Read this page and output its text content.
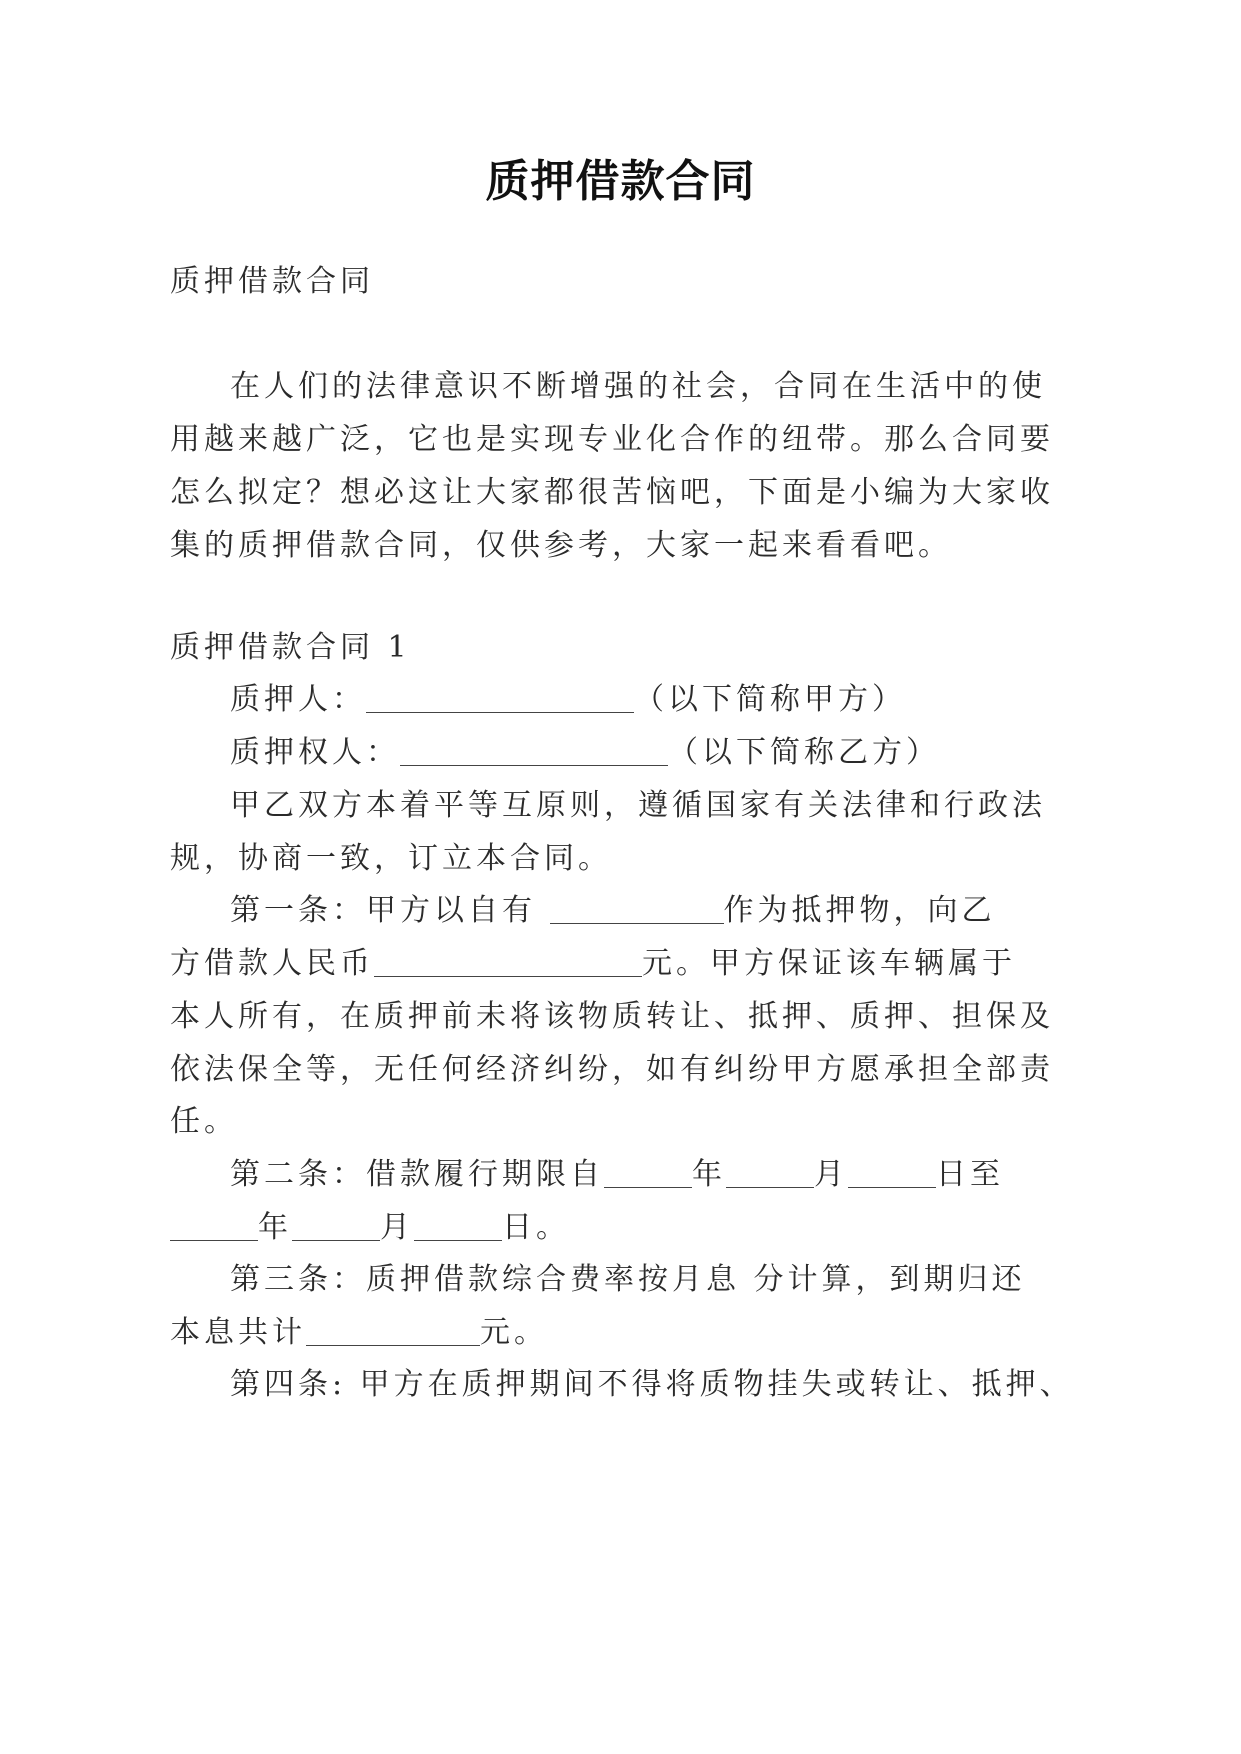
质押借款合同
质押借款合同
在人们的法律意识不断增强的社会，合同在生活中的使
用越来越广泛，它也是实现专业化合作的纽带。那么合同要
怎么拟定？想必这让大家都很苦恼吧，下面是小编为大家收
集的质押借款合同，仅供参考，大家一起来看看吧。
质押借款合同 1
质押人：	（以下简称甲方）
质押权人：	（以下简称乙方）
甲乙双方本着平等互原则，遵循国家有关法律和行政法
规，协商一致，订立本合同。
第一条：甲方以自有	作为抵押物，向乙
方借款人民币	元。甲方保证该车辆属于
本人所有，在质押前未将该物质转让、抵押、质押、担保及
依法保全等，无任何经济纠纷，如有纠纷甲方愿承担全部责
任。
第二条：借款履行期限自	年	月	日至
年	月	日。
第三条：质押借款综合费率按月息 分计算，到期归还
本息共计	元。
第四条: 甲方在质押期间不得将质物挂失或转让、抵押、
